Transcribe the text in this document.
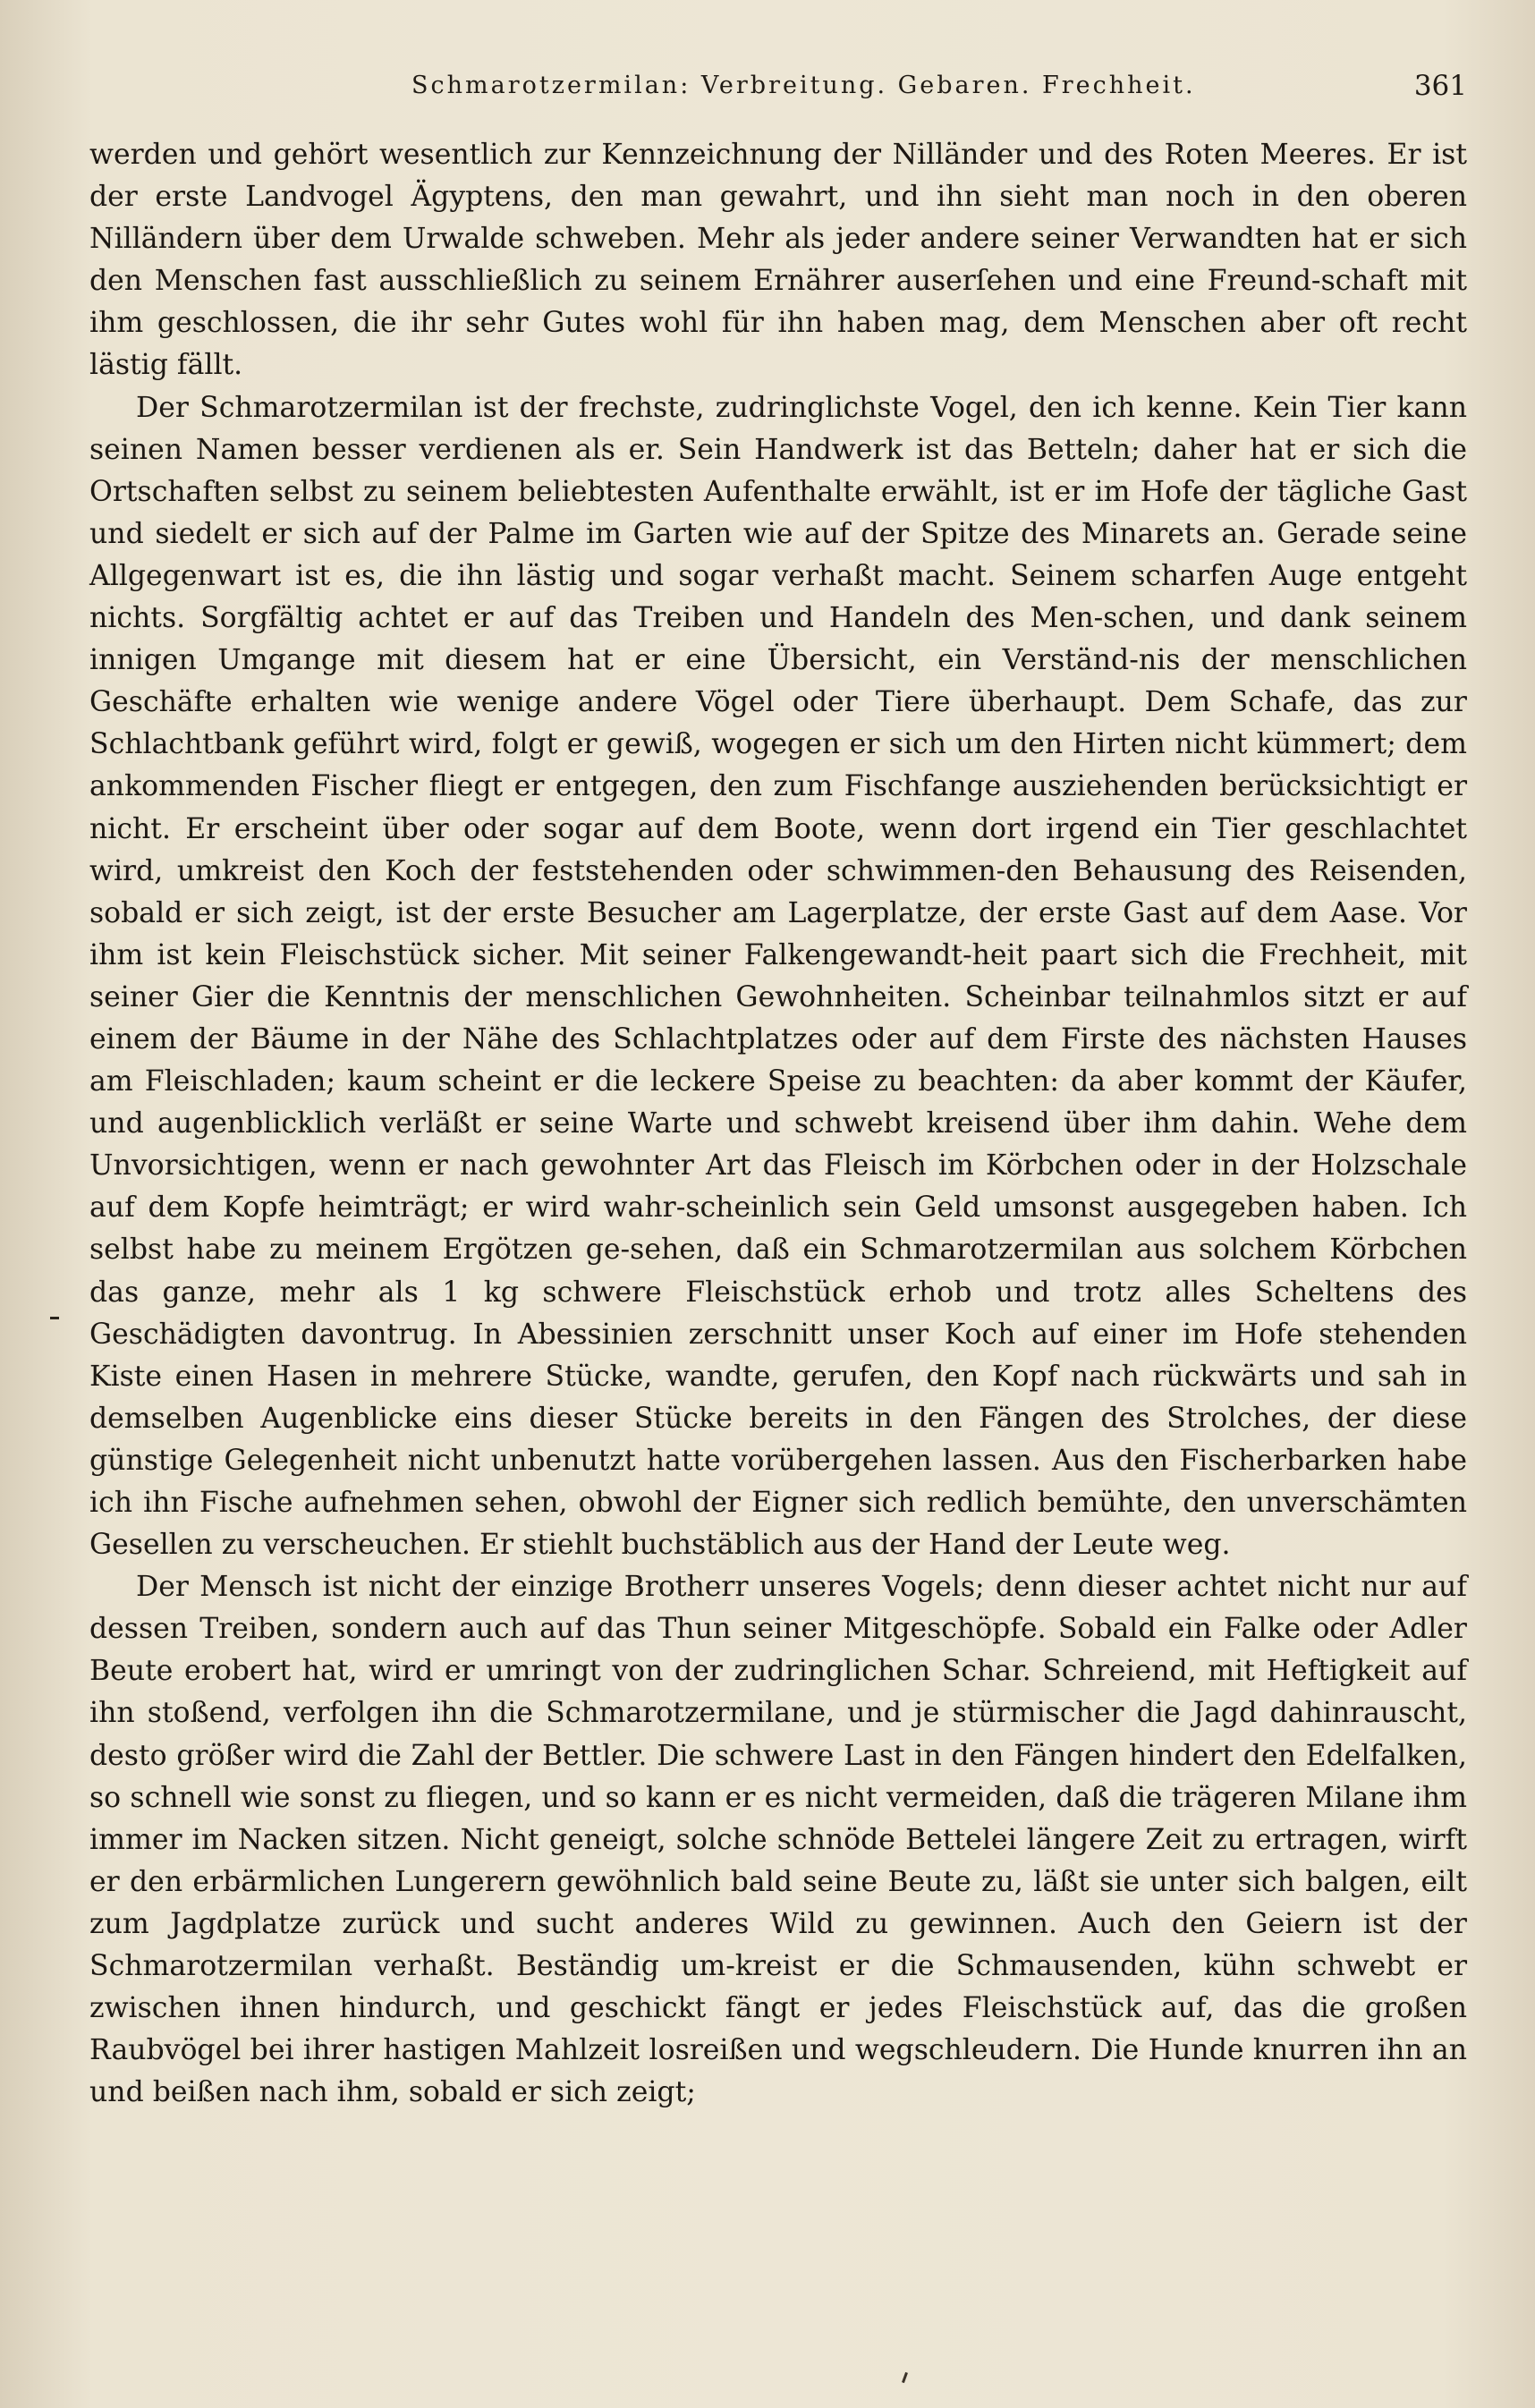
Schmarotzermilan: Verbreitung. Gebaren. Frechheit.	361

werden und gehört wesentlich zur Kennzeichnung der Nilländer und des Roten Meeres. Er ist der erste Landvogel Ägyptens, den man gewahrt, und ihn sieht man noch in den oberen Nilländern über dem Urwalde schweben. Mehr als jeder andere seiner Verwandten hat er sich den Menschen fast ausschließlich zu seinem Ernährer auserſehen und eine Freund-schaft mit ihm geschlossen, die ihr sehr Gutes wohl für ihn haben mag, dem Menschen aber oft recht lästig fällt.

Der Schmarotzermilan ist der frechste, zudringlichste Vogel, den ich kenne. Kein Tier kann seinen Namen besser verdienen als er. Sein Handwerk ist das Betteln; daher hat er sich die Ortschaften selbst zu seinem beliebtesten Aufenthalte erwählt, ist er im Hofe der tägliche Gast und siedelt er sich auf der Palme im Garten wie auf der Spitze des Minarets an. Gerade seine Allgegenwart ist es, die ihn lästig und sogar verhaßt macht. Seinem scharfen Auge entgeht nichts. Sorgfältig achtet er auf das Treiben und Handeln des Men-schen, und dank seinem innigen Umgange mit diesem hat er eine Übersicht, ein Verständ-nis der menschlichen Geschäfte erhalten wie wenige andere Vögel oder Tiere überhaupt. Dem Schafe, das zur Schlachtbank geführt wird, folgt er gewiß, wogegen er sich um den Hirten nicht kümmert; dem ankommenden Fischer fliegt er entgegen, den zum Fischfange ausziehenden berücksichtigt er nicht. Er erscheint über oder sogar auf dem Boote, wenn dort irgend ein Tier geschlachtet wird, umkreist den Koch der feststehenden oder schwimmen-den Behausung des Reisenden, sobald er sich zeigt, ist der erste Besucher am Lagerplatze, der erste Gast auf dem Aase. Vor ihm ist kein Fleischstück sicher. Mit seiner Falkengewandt-heit paart sich die Frechheit, mit seiner Gier die Kenntnis der menschlichen Gewohnheiten. Scheinbar teilnahmlos sitzt er auf einem der Bäume in der Nähe des Schlachtplatzes oder auf dem Firste des nächsten Hauses am Fleischladen; kaum scheint er die leckere Speise zu beachten: da aber kommt der Käufer, und augenblicklich verläßt er seine Warte und schwebt kreisend über ihm dahin. Wehe dem Unvorsichtigen, wenn er nach gewohnter Art das Fleisch im Körbchen oder in der Holzschale auf dem Kopfe heimträgt; er wird wahr-scheinlich sein Geld umsonst ausgegeben haben. Ich selbst habe zu meinem Ergötzen ge-sehen, daß ein Schmarotzermilan aus solchem Körbchen das ganze, mehr als 1 kg schwere Fleischstück erhob und trotz alles Scheltens des Geschädigten davontrug. In Abessinien zerschnitt unser Koch auf einer im Hofe stehenden Kiste einen Hasen in mehrere Stücke, wandte, gerufen, den Kopf nach rückwärts und sah in demselben Augenblicke eins dieser Stücke bereits in den Fängen des Strolches, der diese günstige Gelegenheit nicht unbenutzt hatte vorübergehen lassen. Aus den Fischerbarken habe ich ihn Fische aufnehmen sehen, obwohl der Eigner sich redlich bemühte, den unverschämten Gesellen zu verscheuchen. Er stiehlt buchstäblich aus der Hand der Leute weg.

Der Mensch ist nicht der einzige Brotherr unseres Vogels; denn dieser achtet nicht nur auf dessen Treiben, sondern auch auf das Thun seiner Mitgeschöpfe. Sobald ein Falke oder Adler Beute erobert hat, wird er umringt von der zudringlichen Schar. Schreiend, mit Heftigkeit auf ihn stoßend, verfolgen ihn die Schmarotzermilane, und je stürmischer die Jagd dahinrauscht, desto größer wird die Zahl der Bettler. Die schwere Last in den Fängen hindert den Edelfalken, so schnell wie sonst zu fliegen, und so kann er es nicht vermeiden, daß die trägeren Milane ihm immer im Nacken sitzen. Nicht geneigt, solche schnöde Bettelei längere Zeit zu ertragen, wirft er den erbärmlichen Lungerern gewöhnlich bald seine Beute zu, läßt sie unter sich balgen, eilt zum Jagdplatze zurück und sucht anderes Wild zu gewinnen. Auch den Geiern ist der Schmarotzermilan verhaßt. Beständig um-kreist er die Schmausenden, kühn schwebt er zwischen ihnen hindurch, und geschickt fängt er jedes Fleischstück auf, das die großen Raubvögel bei ihrer hastigen Mahlzeit losreißen und wegschleudern. Die Hunde knurren ihn an und beißen nach ihm, sobald er sich zeigt;
